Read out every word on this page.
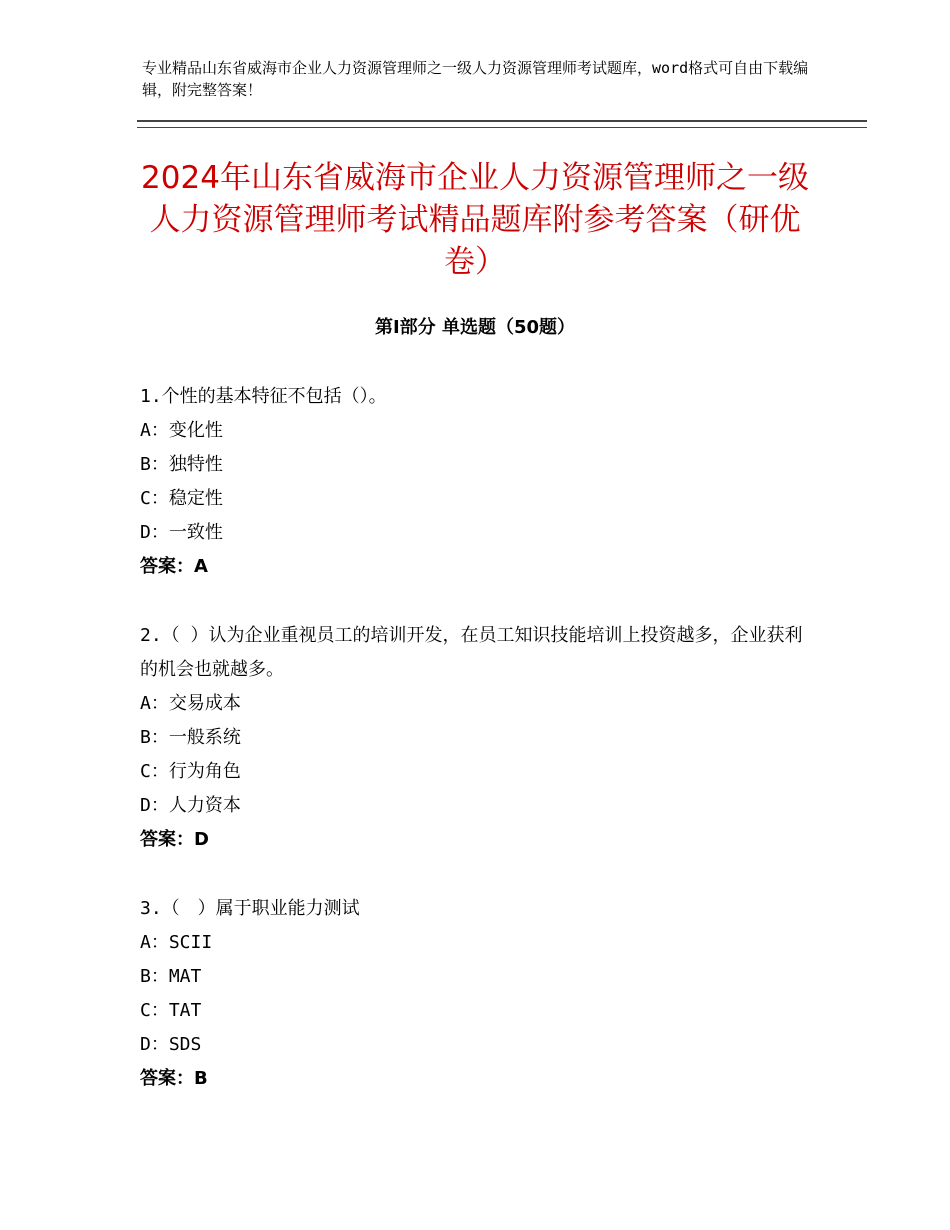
专业精品山东省威海市企业人力资源管理师之一级人力资源管理师考试题库，word格式可自由下载编辑，附完整答案！
2024年山东省威海市企业人力资源管理师之一级人力资源管理师考试精品题库附参考答案（研优卷）
第Ⅰ部分 单选题（50题）

1.个性的基本特征不包括（）。

A：变化性

B：独特性

C：稳定性

D：一致性

答案：A

2.（ ）认为企业重视员工的培训开发，在员工知识技能培训上投资越多，企业获利的机会也就越多。

A：交易成本

B：一般系统

C：行为角色

D：人力资本

答案：D

3.（　）属于职业能力测试

A：SCII

B：MAT

C：TAT

D：SDS

答案：B
